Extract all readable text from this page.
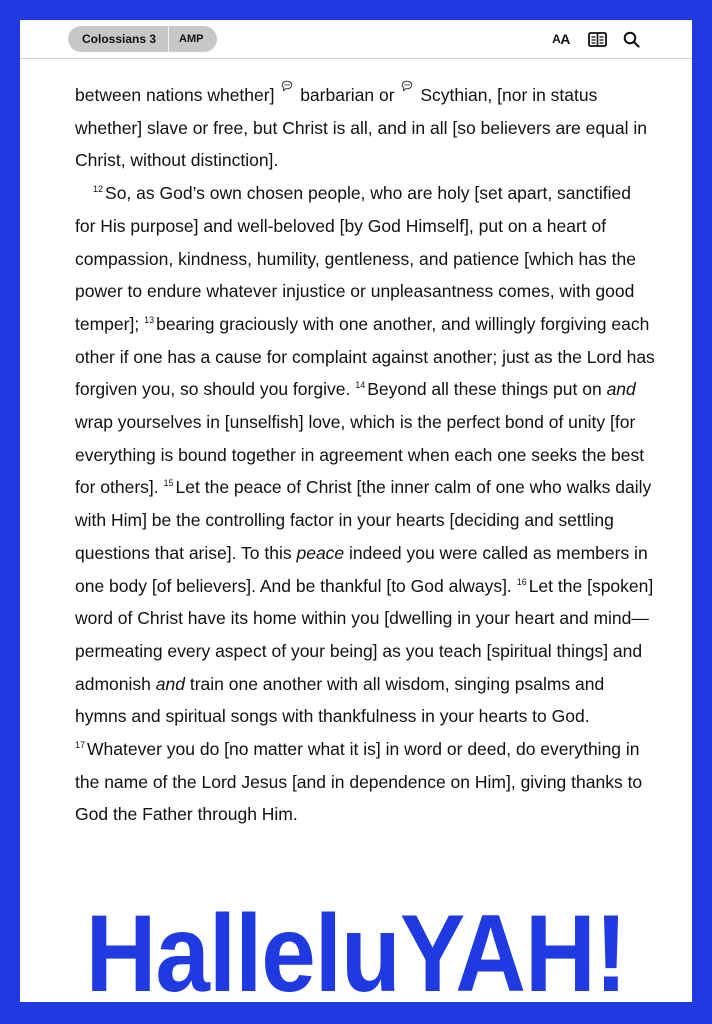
Colossians 3	AMP	A A

between nations whether] barbarian or Scythian, [nor in status whether] slave or free, but Christ is all, and in all [so believers are equal in Christ, without distinction].

$^{12}$ So, as God’s own chosen people, who are holy [set apart, sanctified for His purpose] and well-beloved [by God Himself], put on a heart of compassion, kindness, humility, gentleness, and patience [which has the power to endure whatever injustice or unpleasantness comes, with good temper]; $^{13}$ bearing graciously with one another, and willingly forgiving each other if one has a cause for complaint against another; just as the Lord has forgiven you, so should you forgive. $^{14}$ Beyond all these things put on and wrap yourselves in [unselfish] love, which is the perfect bond of unity [for everything is bound together in agreement when each one seeks the best for others]. $^{15}$ Let the peace of Christ [the inner calm of one who walks daily with Him] be the controlling factor in your hearts [deciding and settling questions that arise]. To this peace indeed you were called as members in one body [of believers]. And be thankful [to God always]. $^{16}$ Let the [spoken] word of Christ have its home within you [dwelling in your heart and mind—permeating every aspect of your being] as you teach [spiritual things] and admonish and train one another with all wisdom, singing psalms and hymns and spiritual songs with thankfulness in your hearts to God.

$^{17}$ Whatever you do [no matter what it is] in word or deed, do everything in the name of the Lord Jesus [and in dependence on Him], giving thanks to God the Father through Him.

HalleluYAH!
